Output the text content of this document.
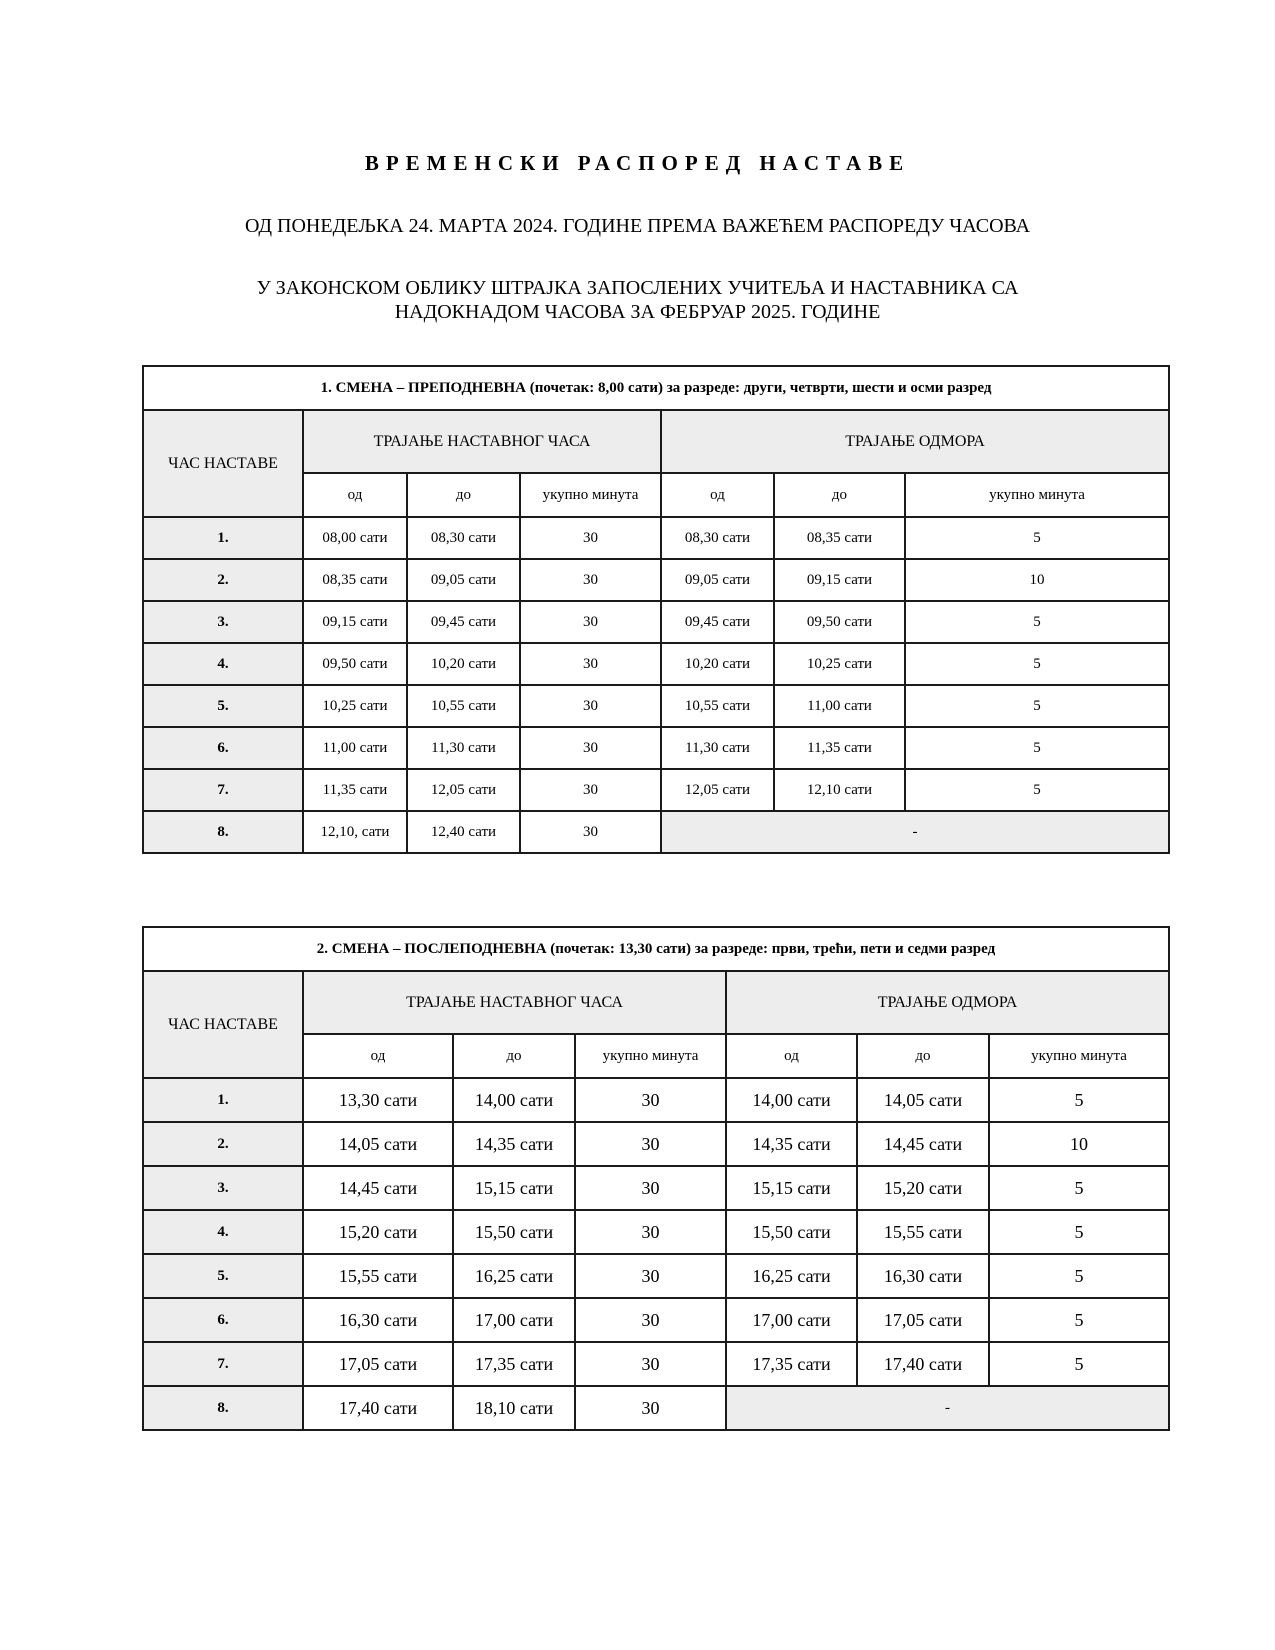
ВРЕМЕНСКИ РАСПОРЕД НАСТАВЕ
ОД ПОНЕДЕЉКА 24. МАРТА 2024. ГОДИНЕ ПРЕМА ВАЖЕЋЕМ РАСПОРЕДУ ЧАСОВА
У ЗАКОНСКОМ ОБЛИКУ ШТРАЈКА ЗАПОСЛЕНИХ УЧИТЕЉА И НАСТАВНИКА СА
НАДОКНАДОМ ЧАСОВА ЗА ФЕБРУАР 2025. ГОДИНЕ
1. СМЕНА – ПРЕПОДНЕВНА (почетак: 8,00 сати) за разреде: други, четврти, шести и осми разред						
ЧАС НАСТАВЕ	ТРАЈАЊЕ НАСТАВНОГ ЧАСА			ТРАЈАЊЕ ОДМОРА		
	од	до	укупно минута	од	до	укупно минута
1.	08,00 сати	08,30 сати	30	08,30 сати	08,35 сати	5
2.	08,35 сати	09,05 сати	30	09,05 сати	09,15 сати	10
3.	09,15 сати	09,45 сати	30	09,45 сати	09,50 сати	5
4.	09,50 сати	10,20 сати	30	10,20 сати	10,25 сати	5
5.	10,25 сати	10,55 сати	30	10,55 сати	11,00 сати	5
6.	11,00 сати	11,30 сати	30	11,30 сати	11,35 сати	5
7.	11,35 сати	12,05 сати	30	12,05 сати	12,10 сати	5
8.	12,10, сати	12,40 сати	30	-		
2. СМЕНА – ПОСЛЕПОДНЕВНА (почетак: 13,30 сати) за разреде: први, трећи, пети и седми разред						
ЧАС НАСТАВЕ	ТРАЈАЊЕ НАСТАВНОГ ЧАСА			ТРАЈАЊЕ ОДМОРА		
	од	до	укупно минута	од	до	укупно минута
1.	13,30 сати	14,00 сати	30	14,00 сати	14,05 сати	5
2.	14,05 сати	14,35 сати	30	14,35 сати	14,45 сати	10
3.	14,45 сати	15,15 сати	30	15,15 сати	15,20 сати	5
4.	15,20 сати	15,50 сати	30	15,50 сати	15,55 сати	5
5.	15,55 сати	16,25 сати	30	16,25 сати	16,30 сати	5
6.	16,30 сати	17,00 сати	30	17,00 сати	17,05 сати	5
7.	17,05 сати	17,35 сати	30	17,35 сати	17,40 сати	5
8.	17,40 сати	18,10 сати	30	-		
